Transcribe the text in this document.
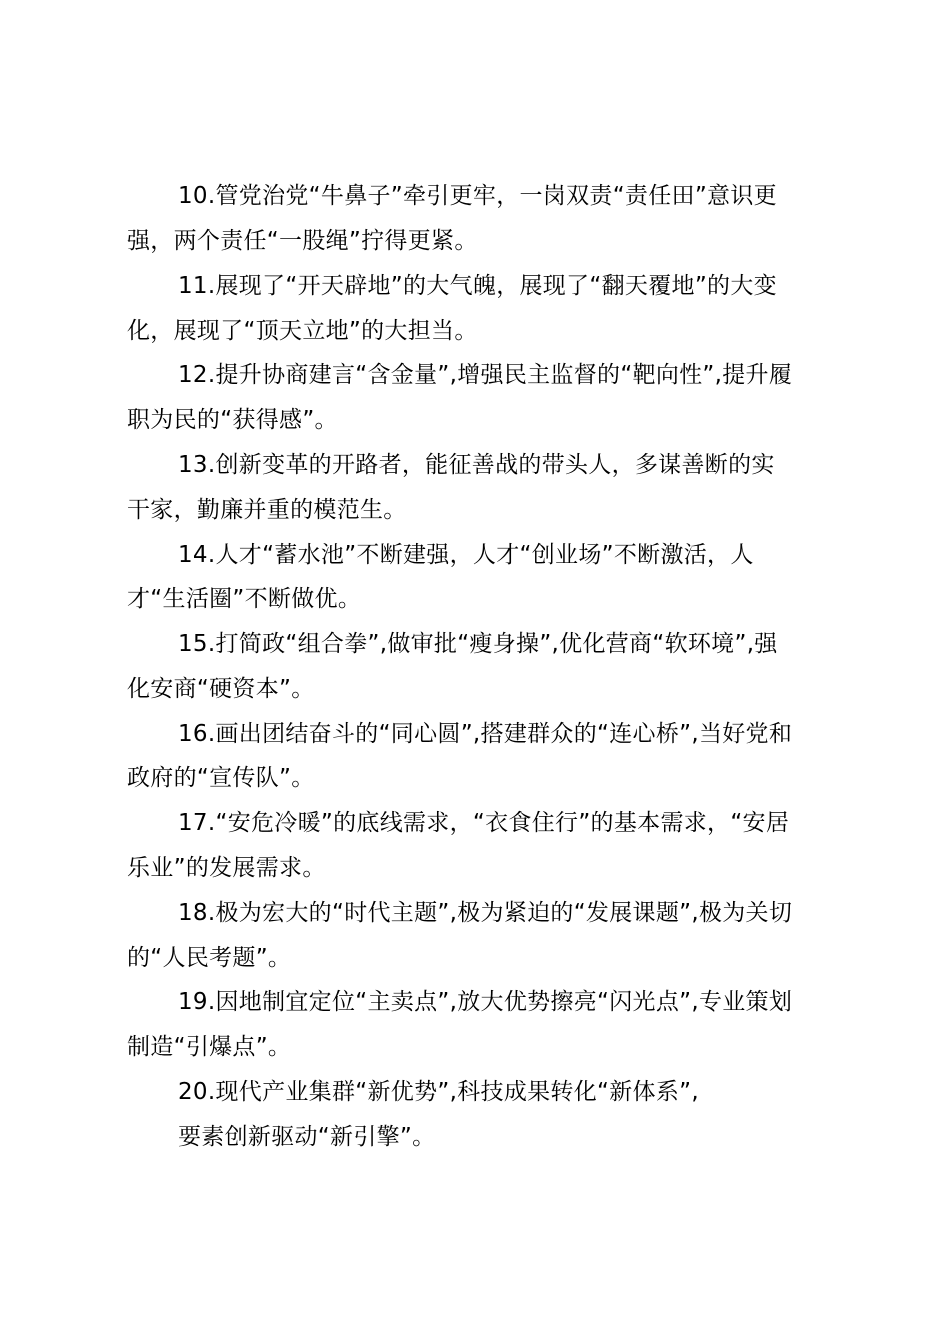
10.管党治党“牛鼻子”牵引更牢，一岗双责“责任田”意识更
强，两个责任“一股绳”拧得更紧。
11.展现了“开天辟地”的大气魄，展现了“翻天覆地”的大变
化，展现了“顶天立地”的大担当。
12.提升协商建言“含金量”,增强民主监督的“靶向性”,提升履
职为民的“获得感”。
13.创新变革的开路者，能征善战的带头人，多谋善断的实
干家，勤廉并重的模范生。
14.人才“蓄水池”不断建强，人才“创业场”不断激活，人
才“生活圈”不断做优。
15.打简政“组合拳”,做审批“瘦身操”,优化营商“软环境”,强
化安商“硬资本”。
16.画出团结奋斗的“同心圆”,搭建群众的“连心桥”,当好党和
政府的“宣传队”。
17.“安危冷暖”的底线需求，“衣食住行”的基本需求，“安居
乐业”的发展需求。
18.极为宏大的“时代主题”,极为紧迫的“发展课题”,极为关切
的“人民考题”。
19.因地制宜定位“主卖点”,放大优势擦亮“闪光点”,专业策划
制造“引爆点”。
20.现代产业集群“新优势”,科技成果转化“新体系”,
要素创新驱动“新引擎”。
